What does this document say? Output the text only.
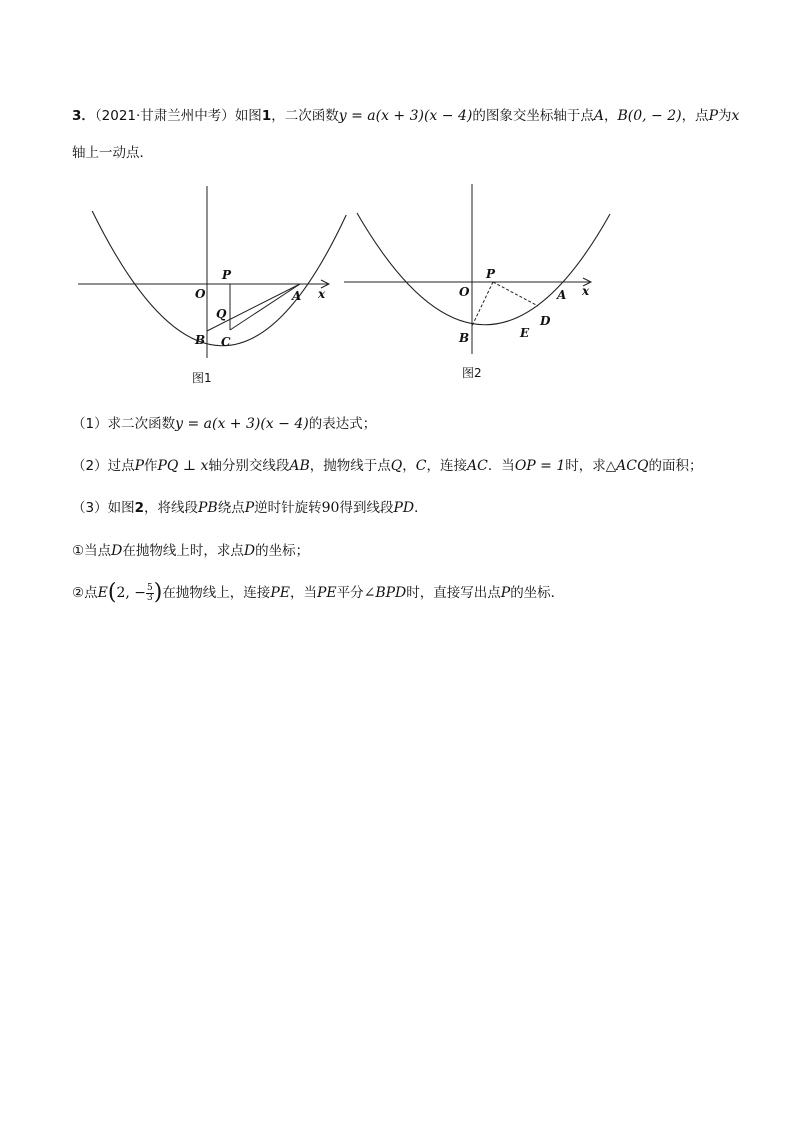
3．（2021·甘肃兰州中考）如图1，二次函数y = a(x + 3)(x − 4)的图象交坐标轴于点A，B(0, − 2)，点P为x
轴上一动点．
P
O	A x
Q
B C
图1
P
O	A x
D
E
B
图2
（1）求二次函数y = a(x + 3)(x − 4)的表达式；
（2）过点P作PQ ⊥ x轴分别交线段AB，抛物线于点Q，C，连接AC．当OP = 1时，求△ACQ的面积；
（3）如图2，将线段PB绕点P逆时针旋转90得到线段PD．
①当点D在抛物线上时，求点D的坐标；
②点E(2, − $\frac{5}{3}$ )在抛物线上，连接PE，当PE平分∠BPD时，直接写出点P的坐标．
